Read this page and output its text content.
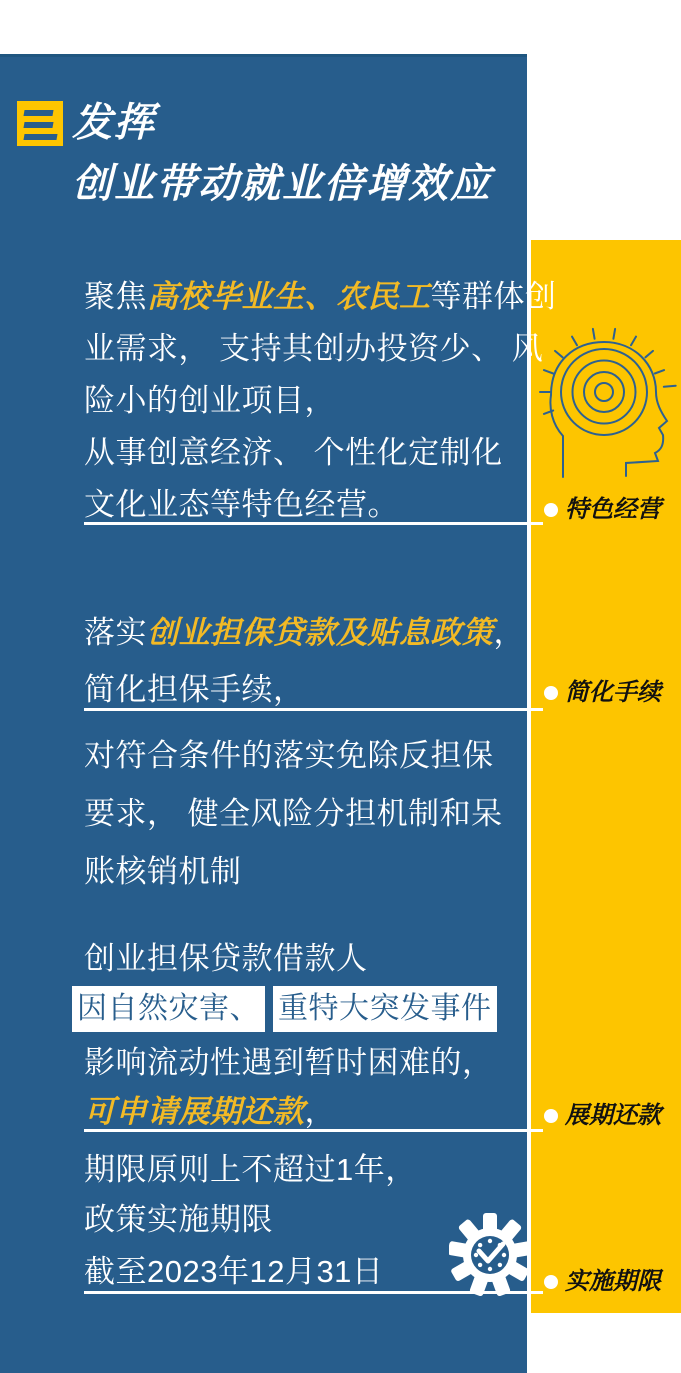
发挥
创业带动就业倍增效应
聚焦高校毕业生、农民工等群体创
业需求， 支持其创办投资少、 风
险小的创业项目，
从事创意经济、 个性化定制化
文化业态等特色经营。	特色经营
落实创业担保贷款及贴息政策，
简化担保手续，	简化手续
对符合条件的落实免除反担保
要求， 健全风险分担机制和呆
账核销机制
创业担保贷款借款人
因自然灾害、 重特大突发事件
影响流动性遇到暂时困难的，
可申请展期还款，	展期还款
期限原则上不超过1年，
政策实施期限
截至2023年12月31日	实施期限
